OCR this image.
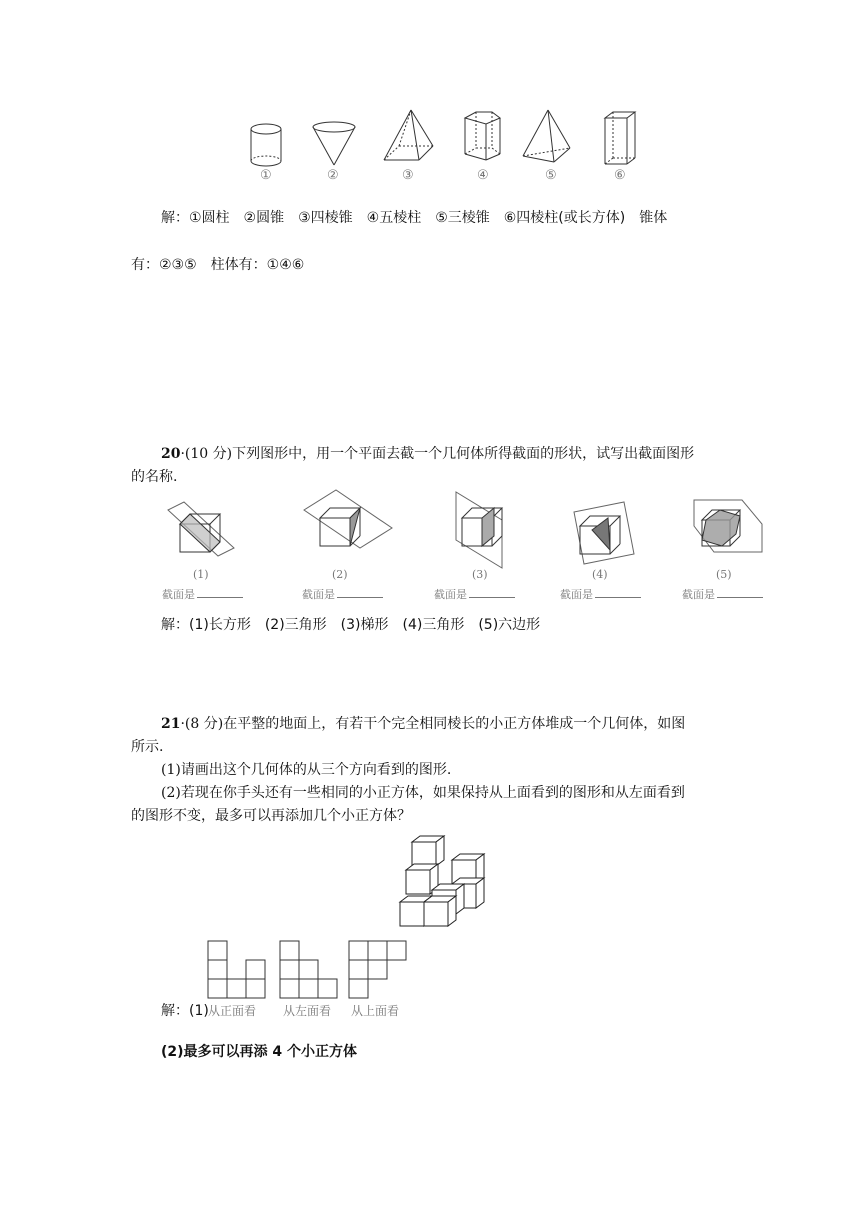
①	②	③	④	⑤	⑥
解：①圆柱　②圆锥　③四棱锥　④五棱柱　⑤三棱锥　⑥四棱柱(或长方体)　锥体
有：②③⑤　柱体有：①④⑥
20·(10 分)下列图形中，用一个平面去截一个几何体所得截面的形状，试写出截面图形
的名称.
(1)	(2)	(3)	(4)	(5)
截面是	截面是	截面是	截面是	截面是
解：(1)长方形　(2)三角形　(3)梯形　(4)三角形　(5)六边形
21·(8 分)在平整的地面上，有若干个完全相同棱长的小正方体堆成一个几何体，如图
所示.
(1)请画出这个几何体的从三个方向看到的图形.
(2)若现在你手头还有一些相同的小正方体，如果保持从上面看到的图形和从左面看到
的图形不变，最多可以再添加几个小正方体？
解：(1) 从正面看 从左面看 从上面看
(2)最多可以再添 4 个小正方体
